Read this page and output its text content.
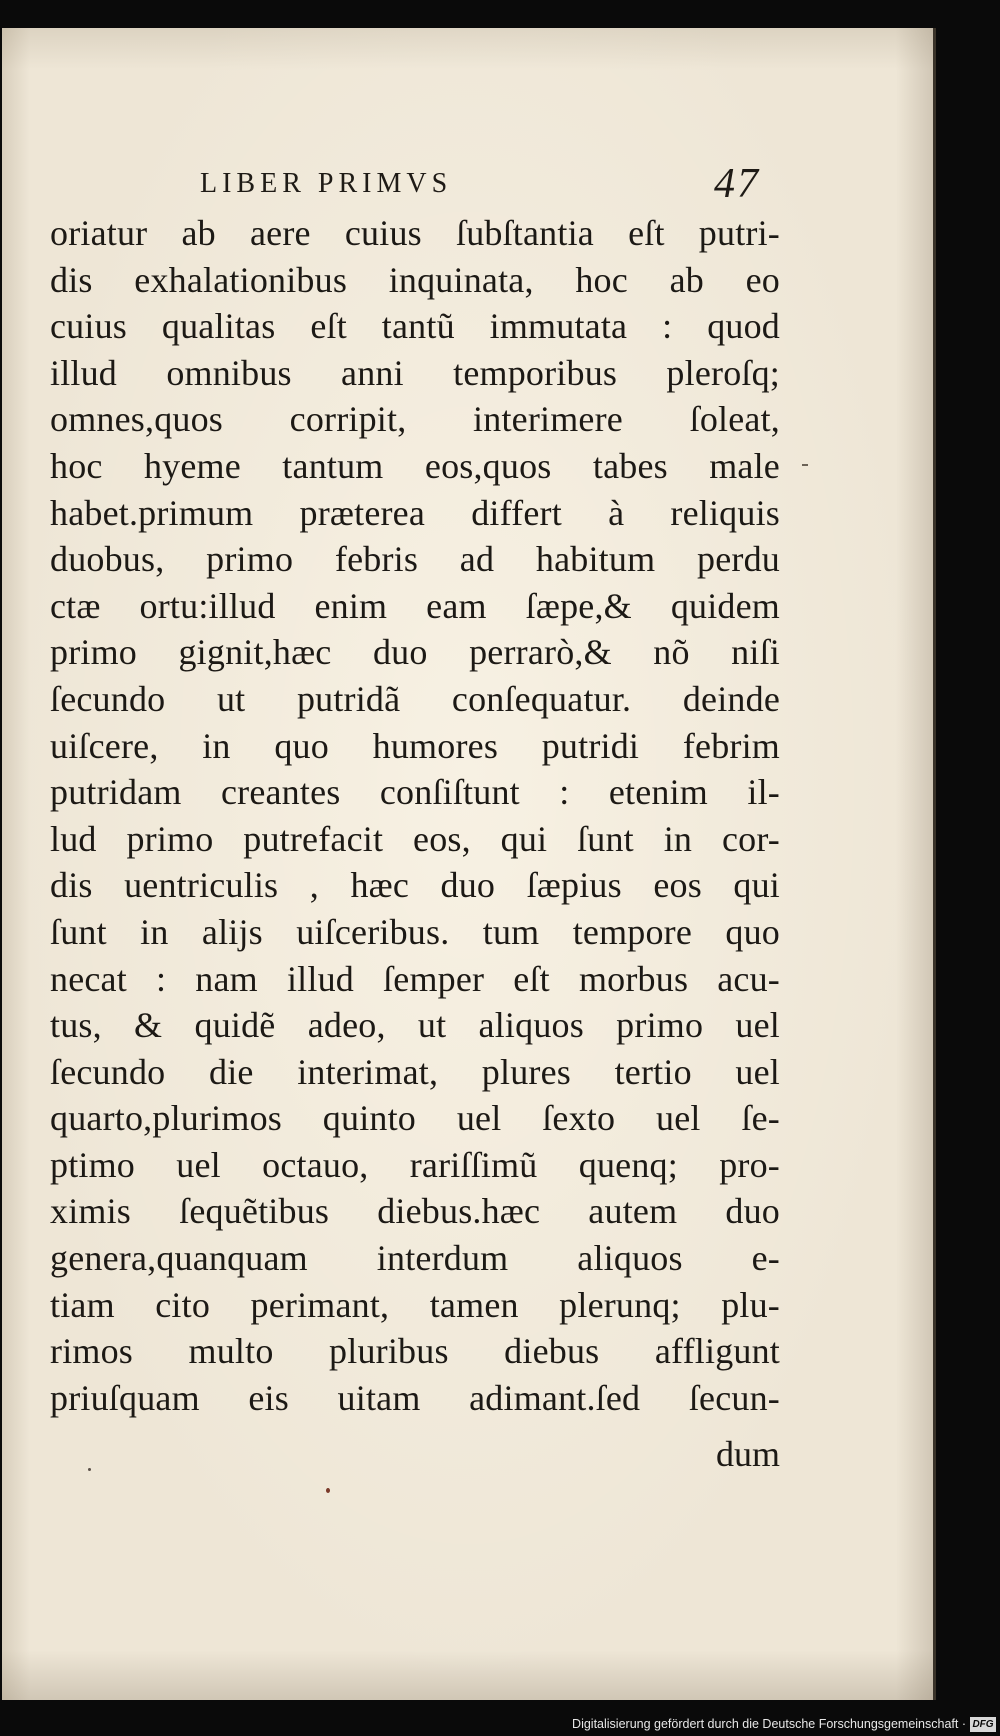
LIBER PRIMVS	47
oriatur ab aere cuius ſubſtantia eſt putri-
dis exhalationibus inquinata, hoc ab eo
cuius qualitas eſt tantũ immutata : quod
illud omnibus anni temporibus pleroſq;
omnes,quos corripit, interimere ſoleat,
hoc hyeme tantum eos,quos tabes male
habet.primum præterea differt à reliquis
duobus, primo febris ad habitum perdu
ctæ ortu:illud enim eam ſæpe,& quidem
primo gignit,hæc duo perrarò,& nõ niſi
ſecundo ut putridã conſequatur. deinde
uiſcere, in quo humores putridi febrim
putridam creantes conſiſtunt : etenim il-
lud primo putrefacit eos, qui ſunt in cor-
dis uentriculis , hæc duo ſæpius eos qui
ſunt in alijs uiſceribus. tum tempore quo
necat : nam illud ſemper eſt morbus acu-
tus, & quidẽ adeo, ut aliquos primo uel
ſecundo die interimat, plures tertio uel
quarto,plurimos quinto uel ſexto uel ſe-
ptimo uel octauo, rariſſimũ quenq; pro-
ximis ſequẽtibus diebus.hæc autem duo
genera,quanquam interdum aliquos e-
tiam cito perimant, tamen plerunq; plu-
rimos multo pluribus diebus affligunt
priuſquam eis uitam adimant.ſed ſecun-
dum
Digitalisierung gefördert durch die Deutsche Forschungsgemeinschaft · DFG
